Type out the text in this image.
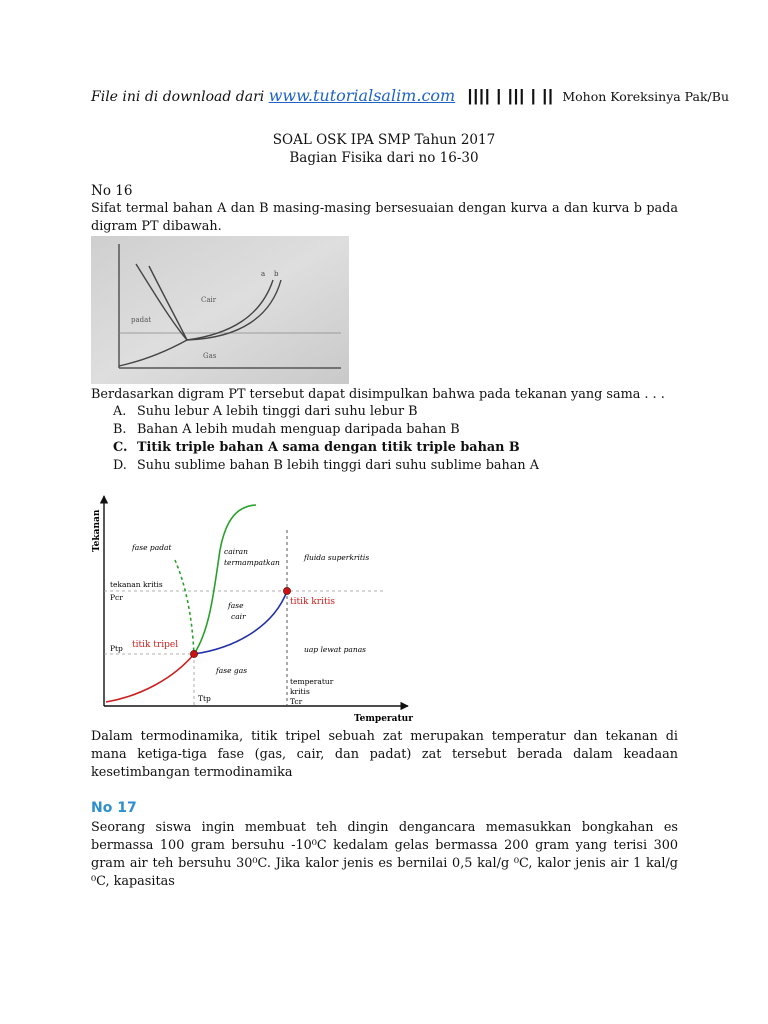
File ini di download dari www.tutorialsalim.com |||| | ||| | || Mohon Koreksinya Pak/Bu
SOAL OSK IPA SMP Tahun 2017
Bagian Fisika dari no 16-30
No 16
Sifat termal bahan A dan B masing-masing bersesuaian dengan kurva a dan kurva b pada digram PT dibawah.
padat
Cair
Gas
a b
Berdasarkan digram PT tersebut dapat disimpulkan bahwa pada tekanan yang sama . . .
A. Suhu lebur A lebih tinggi dari suhu lebur B
B. Bahan A lebih mudah menguap daripada bahan B
C. Titik triple bahan A sama dengan titik triple bahan B
D. Suhu sublime bahan B lebih tinggi dari suhu sublime bahan A
Tekanan
Temperatur
fase padat	cairan
termampatkan
fluida superkritis
tekanan kritis
Pcr	titik kritis
fase
cair
Ptp titik tripel	uap lewat panas
fase gas
temperatur
kritis
Tcr
Ttp
Dalam termodinamika, titik tripel sebuah zat merupakan temperatur dan tekanan di mana ketiga-tiga fase (gas, cair, dan padat) zat tersebut berada dalam keadaan kesetimbangan termodinamika
No 17
Seorang siswa ingin membuat teh dingin dengancara memasukkan bongkahan es bermassa 100 gram bersuhu -10⁰C kedalam gelas bermassa 200 gram yang terisi 300 gram air teh bersuhu 30⁰C. Jika kalor jenis es bernilai 0,5 kal/g ⁰C, kalor jenis air 1 kal/g ⁰C, kapasitas
